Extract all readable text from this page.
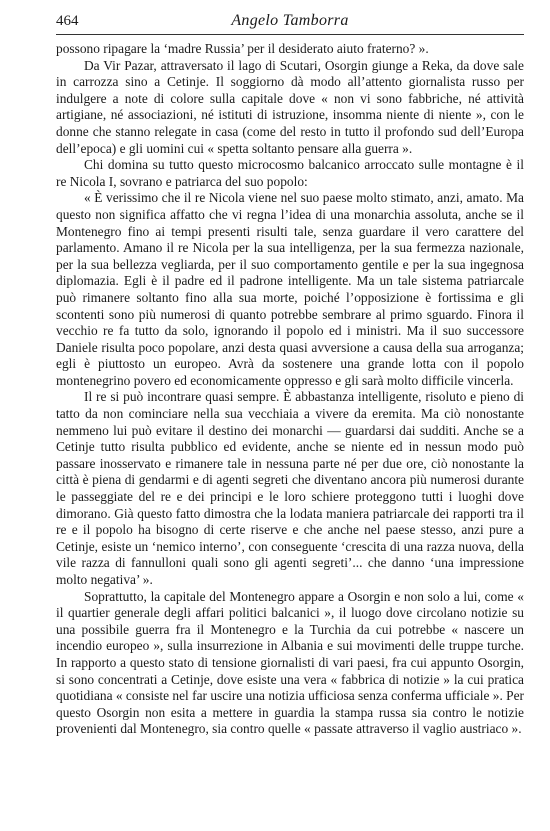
464	Angelo Tamborra

possono ripagare la ‘madre Russia’ per il desiderato aiuto fraterno? ».

Da Vir Pazar, attraversato il lago di Scutari, Osorgin giunge a Reka, da dove sale in carrozza sino a Cetinje. Il soggiorno dà modo all’attento giornalista russo per indulgere a note di colore sulla capitale dove « non vi sono fabbriche, né attività artigiane, né associazioni, né istituti di istruzione, insomma niente di niente », con le donne che stanno relegate in casa (come del resto in tutto il profondo sud dell’Europa dell’epoca) e gli uomini cui « spetta soltanto pensare alla guerra ».

Chi domina su tutto questo microcosmo balcanico arroccato sulle montagne è il re Nicola I, sovrano e patriarca del suo popolo:

« È verissimo che il re Nicola viene nel suo paese molto stimato, anzi, amato. Ma questo non significa affatto che vi regna l’idea di una monarchia assoluta, anche se il Montenegro fino ai tempi presenti risulti tale, senza guardare il vero carattere del parlamento. Amano il re Nicola per la sua intelligenza, per la sua fermezza nazionale, per la sua bellezza vegliarda, per il suo comportamento gentile e per la sua ingegnosa diplomazia. Egli è il padre ed il padrone intelligente. Ma un tale sistema patriarcale può rimanere soltanto fino alla sua morte, poiché l’opposizione è fortissima e gli scontenti sono più numerosi di quanto potrebbe sembrare al primo sguardo. Finora il vecchio re fa tutto da solo, ignorando il popolo ed i ministri. Ma il suo successore Daniele risulta poco popolare, anzi desta quasi avversione a causa della sua arroganza; egli è piuttosto un europeo. Avrà da sostenere una grande lotta con il popolo montenegrino povero ed economicamente oppresso e gli sarà molto difficile vincerla.

Il re si può incontrare quasi sempre. È abbastanza intelligente, risoluto e pieno di tatto da non cominciare nella sua vecchiaia a vivere da eremita. Ma ciò nonostante nemmeno lui può evitare il destino dei monarchi — guardarsi dai sudditi. Anche se a Cetinje tutto risulta pubblico ed evidente, anche se niente ed in nessun modo può passare inosservato e rimanere tale in nessuna parte né per due ore, ciò nonostante la città è piena di gendarmi e di agenti segreti che diventano ancora più numerosi durante le passeggiate del re e dei principi e le loro schiere proteggono tutti i luoghi dove dimorano. Già questo fatto dimostra che la lodata maniera patriarcale dei rapporti tra il re e il popolo ha bisogno di certe riserve e che anche nel paese stesso, anzi pure a Cetinje, esiste un ‘nemico interno’, con conseguente ‘crescita di una razza nuova, della vile razza di fannulloni quali sono gli agenti segreti’... che danno ‘una impressione molto negativa’ ».

Soprattutto, la capitale del Montenegro appare a Osorgin e non solo a lui, come « il quartier generale degli affari politici balcanici », il luogo dove circolano notizie su una possibile guerra fra il Montenegro e la Turchia da cui potrebbe « nascere un incendio europeo », sulla insurrezione in Albania e sui movimenti delle truppe turche. In rapporto a questo stato di tensione giornalisti di vari paesi, fra cui appunto Osorgin, si sono concentrati a Cetinje, dove esiste una vera « fabbrica di notizie » la cui pratica quotidiana « consiste nel far uscire una notizia ufficiosa senza conferma ufficiale ». Per questo Osorgin non esita a mettere in guardia la stampa russa sia contro le notizie provenienti dal Montenegro, sia contro quelle « passate attraverso il vaglio austriaco ».
